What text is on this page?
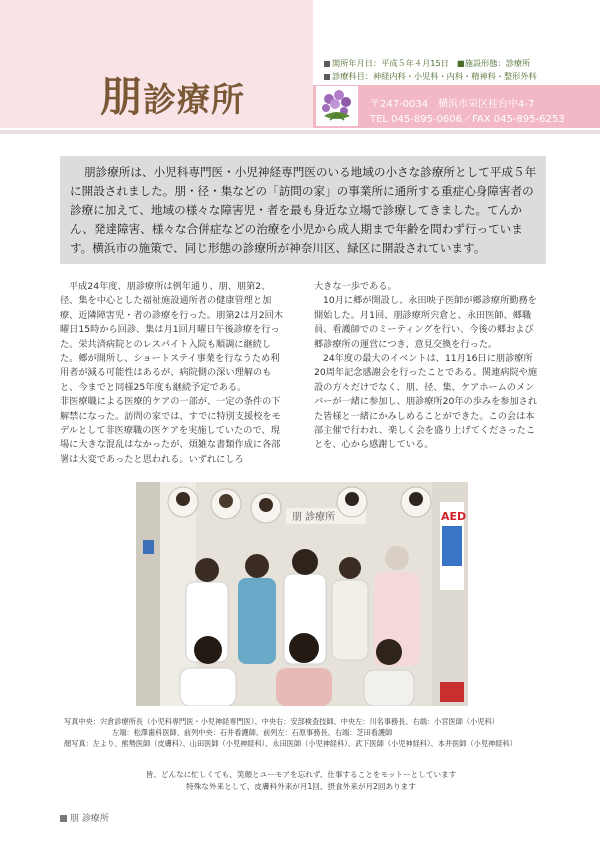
朋診療所
開所年月日：平成５年４月15日　■施設形態：診療所
診療科目：神経内科・小児科・内科・精神科・整形外科
〒247-0034　横浜市栄区桂台中4-7
TEL 045-895-0606／FAX 045-895-6253

朋診療所は、小児科専門医・小児神経専門医のいる地域の小さな診療所として平成５年に開設されました。朋・径・集などの「訪問の家」の事業所に通所する重症心身障害者の診療に加えて、地域の様々な障害児・者を最も身近な立場で診療してきました。てんかん、発達障害、様々な合併症などの治療を小児から成人期まで年齢を問わず行っています。横浜市の施策で、同じ形態の診療所が神奈川区、緑区に開設されています。

平成24年度、朋診療所は例年通り、朋、朋第2、径、集を中心とした福祉施設通所者の健康管理と加療、近隣障害児・者の診療を行った。朋第2は月2回木曜日15時から回診、集は月1回月曜日午後診療を行った。栄共済病院とのレスパイト入院も順調に継続した。郷が開所し、ショートステイ事業を行なうため利用者が減る可能性はあるが、病院側の深い理解のもと、今までと同様25年度も継続予定である。

非医療職による医療的ケアの一部が、一定の条件の下解禁になった。訪問の家では、すでに特別支援校をモデルとして非医療職の医ケアを実施していたので、現場に大きな混乱はなかったが、煩雑な書類作成に各部署は大変であったと思われる。いずれにしろ

大きな一歩である。

10月に郷が開設し、永田映子医師が郷診療所勤務を開始した。月1回、朋診療所宍倉と、永田医師、郷職員、看護師でのミーティングを行い、今後の郷および郷診療所の運営につき、意見交換を行った。

24年度の最大のイベントは、11月16日に朋診療所20周年記念感謝会を行ったことである。関連病院や施設の方々だけでなく、朋、径、集、ケアホームのメンバーが一緒に参加し、朋診療所20年の歩みを参加された皆様と一緒にかみしめることができた。この会は本部主催で行われ、楽しく会を盛り上げてくださったことを、心から感謝している。

朋 診療所	AED

写真中央：宍倉診療所長（小児科専門医・小児神経専門医）、中央右：安部検査技師、中央左：川名事務長、右端：小宮医師（小児科）

左端：松澤歯科医師、前列中央：石井看護師、前列左：石原事務長、右端：芝田看護師

顔写真：左より、熊勢医師（皮膚科）、山田医師（小児神経科）、永田医師（小児神経科）、武下医師（小児神経科）、本井医師（小児神経科）

皆、どんなに忙しくても、笑顔とユーモアを忘れず、仕事することをモットーとしています
特殊な外来として、皮膚科外来が月1回、摂食外来が月2回あります
朋 診療所
